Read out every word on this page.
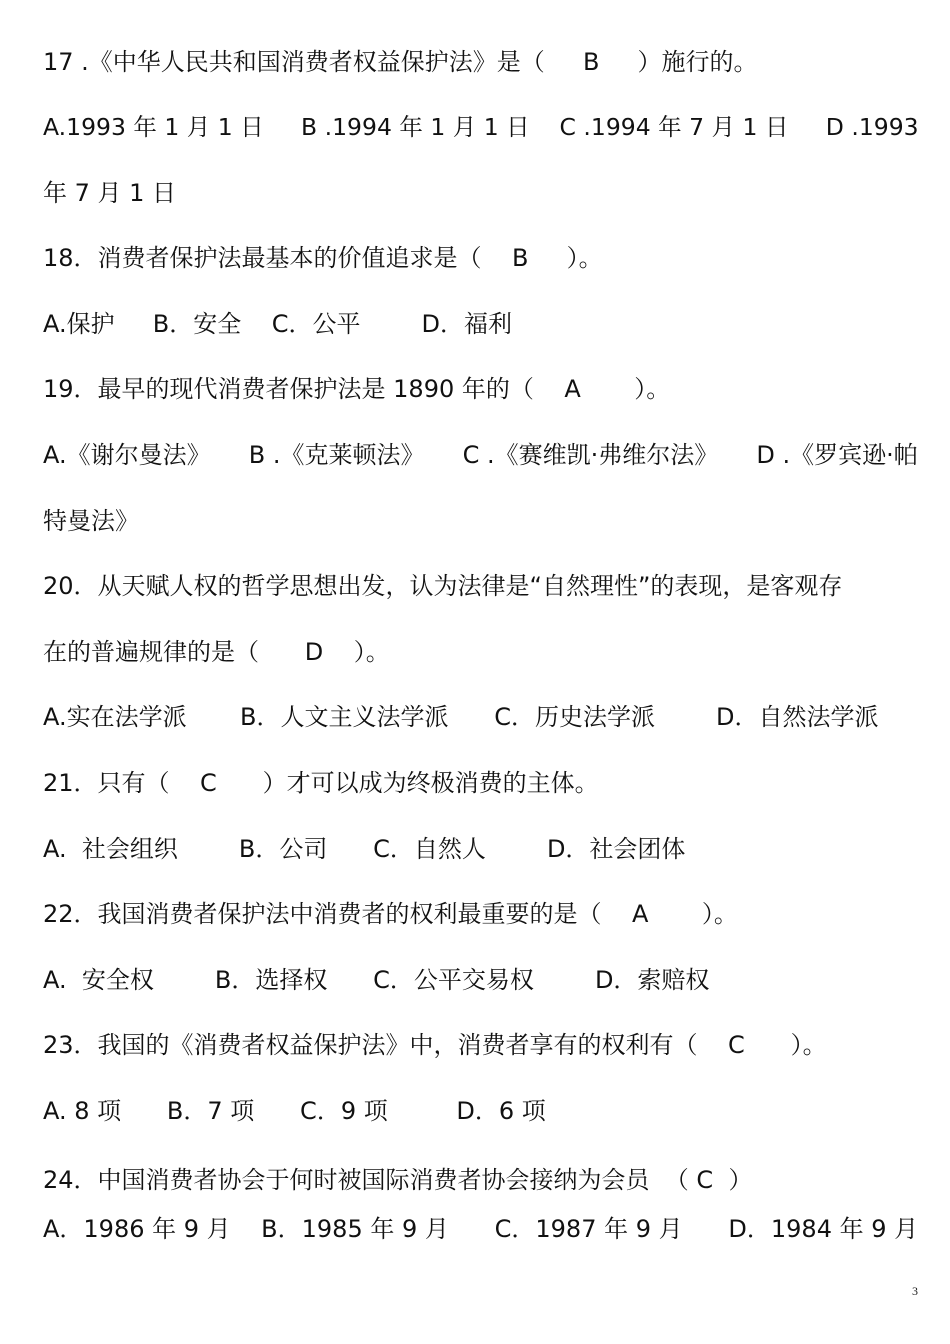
17 .《中华人民共和国消费者权益保护法》是（     B     ）施行的。
A.1993 年 1 月 1 日     B .1994 年 1 月 1 日    C .1994 年 7 月 1 日     D .1993
年 7 月 1 日
18．消费者保护法最基本的价值追求是（    B     ）。
A.保护     B．安全    C．公平        D．福利
19．最早的现代消费者保护法是 1890 年的（    A       ）。
A.《谢尔曼法》     B .《克莱顿法》     C .《赛维凯·弗维尔法》     D .《罗宾逊·帕
特曼法》
20．从天赋人权的哲学思想出发，认为法律是“自然理性”的表现，是客观存
在的普遍规律的是（      D    ）。
A.实在法学派       B．人文主义法学派      C．历史法学派        D．自然法学派
21．只有（    C      ）才可以成为终极消费的主体。
A.  社会组织        B．公司      C．自然人        D．社会团体
22．我国消费者保护法中消费者的权利最重要的是（    A       ）。
A.  安全权        B．选择权      C．公平交易权        D．索赔权
23．我国的《消费者权益保护法》中，消费者享有的权利有（    C      ）。
A. 8 项      B．7 项      C．9 项         D．6 项
24．中国消费者协会于何时被国际消费者协会接纳为会员  （ C  ）
A．1986 年 9 月    B．1985 年 9 月      C．1987 年 9 月      D．1984 年 9 月
3
